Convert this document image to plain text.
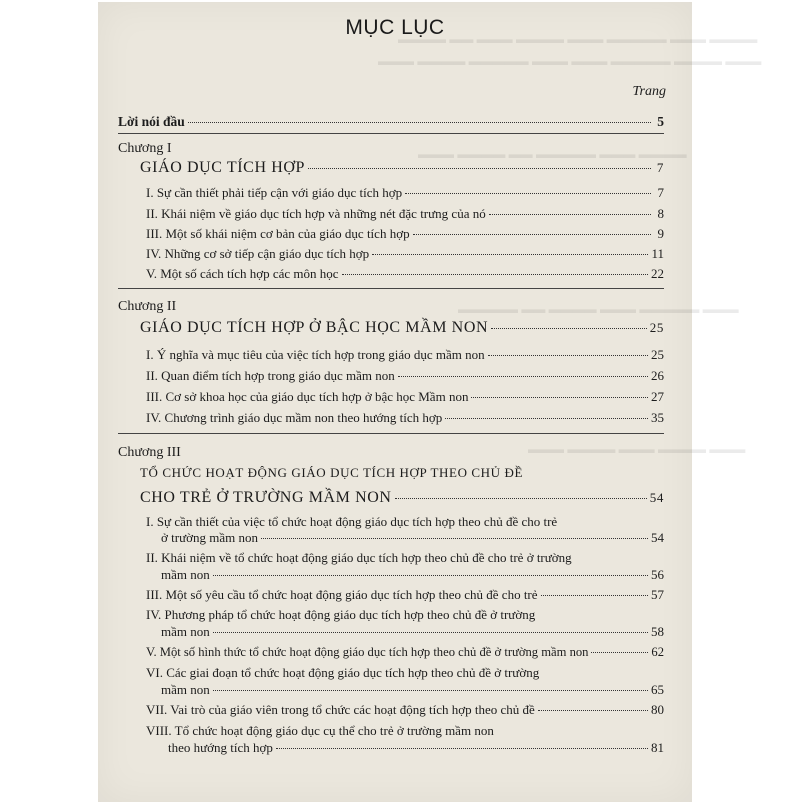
▬▬▬▬ ▬▬▬ ▬▬▬▬▬ ▬▬▬ ▬▬▬▬ ▬▬▬ ▬▬ ▬▬▬▬
▬▬▬ ▬▬▬▬ ▬▬▬▬▬ ▬▬▬ ▬▬▬ ▬▬▬▬▬ ▬▬▬▬ ▬▬▬
▬▬▬▬ ▬▬▬ ▬▬▬▬▬ ▬▬ ▬▬▬▬ ▬▬▬
▬▬▬ ▬▬▬▬▬ ▬▬▬ ▬▬▬▬ ▬▬ ▬▬▬▬▬
▬▬▬ ▬▬▬▬ ▬▬▬ ▬▬▬▬ ▬▬▬
MỤC LỤC
Trang
Lời nói đầu	5
Chương I
GIÁO DỤC TÍCH HỢP	7
I. Sự cần thiết phải tiếp cận với giáo dục tích hợp	7
II. Khái niệm về giáo dục tích hợp và những nét đặc trưng của nó	8
III. Một số khái niệm cơ bản của giáo dục tích hợp	9
IV. Những cơ sở tiếp cận giáo dục tích hợp	11
V. Một số cách tích hợp các môn học	22
Chương II
GIÁO DỤC TÍCH HỢP Ở BẬC HỌC MẦM NON	25
I. Ý nghĩa và mục tiêu của việc tích hợp trong giáo dục mầm non	25
II. Quan điểm tích hợp trong giáo dục mầm non	26
III. Cơ sở khoa học của giáo dục tích hợp ở bậc học Mầm non	27
IV. Chương trình giáo dục mầm non theo hướng tích hợp	35
Chương III
TỔ CHỨC HOẠT ĐỘNG GIÁO DỤC TÍCH HỢP THEO CHỦ ĐỀ
CHO TRẺ Ở TRƯỜNG MẦM NON	54
I. Sự cần thiết của việc tổ chức hoạt động giáo dục tích hợp theo chủ đề cho trẻ
ở trường mầm non	54
II. Khái niệm về tổ chức hoạt động giáo dục tích hợp theo chủ đề cho trẻ ở trường
mầm non	56
III. Một số yêu cầu tổ chức hoạt động giáo dục tích hợp theo chủ đề cho trẻ	57
IV. Phương pháp tổ chức hoạt động giáo dục tích hợp theo chủ đề ở trường
mầm non	58
V. Một số hình thức tổ chức hoạt động giáo dục tích hợp theo chủ đề ở trường mầm non	62
VI. Các giai đoạn tổ chức hoạt động giáo dục tích hợp theo chủ đề ở trường
mầm non	65
VII. Vai trò của giáo viên trong tổ chức các hoạt động tích hợp theo chủ đề	80
VIII. Tổ chức hoạt động giáo dục cụ thể cho trẻ ở trường mầm non
theo hướng tích hợp	81
